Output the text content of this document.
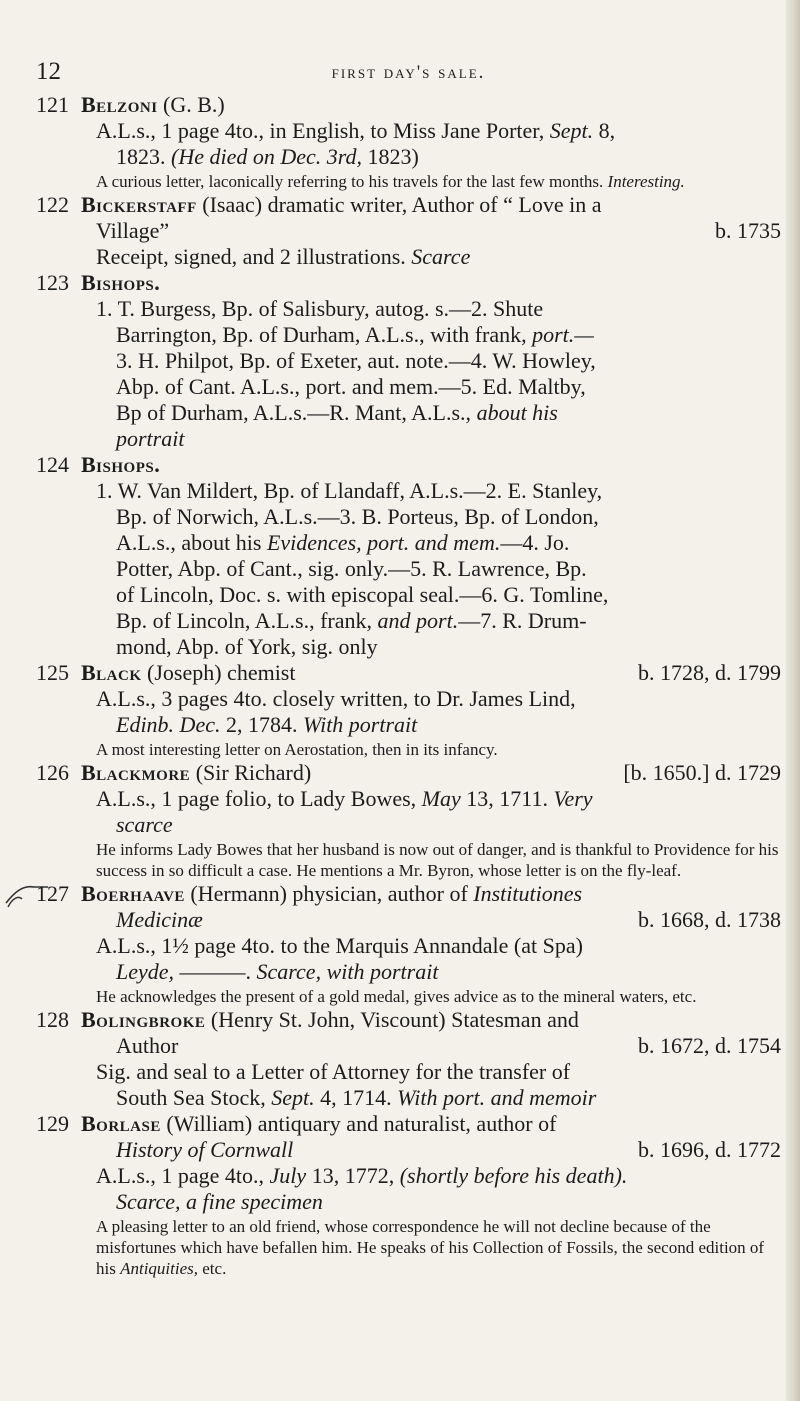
12	first day's sale.
121 Belzoni (G. B.)
A.L.s., 1 page 4to., in English, to Miss Jane Porter, Sept. 8,
1823. (He died on Dec. 3rd, 1823)
A curious letter, laconically referring to his travels for the last few months. Interesting.
122 Bickerstaff (Isaac) dramatic writer, Author of “ Love in a
Village”	b. 1735
Receipt, signed, and 2 illustrations. Scarce
123 Bishops.
1. T. Burgess, Bp. of Salisbury, autog. s.—2. Shute
Barrington, Bp. of Durham, A.L.s., with frank, port.—
3. H. Philpot, Bp. of Exeter, aut. note.—4. W. Howley,
Abp. of Cant. A.L.s., port. and mem.—5. Ed. Maltby,
Bp of Durham, A.L.s.—R. Mant, A.L.s., about his
portrait
124 Bishops.
1. W. Van Mildert, Bp. of Llandaff, A.L.s.—2. E. Stanley,
Bp. of Norwich, A.L.s.—3. B. Porteus, Bp. of London,
A.L.s., about his Evidences, port. and mem.—4. Jo.
Potter, Abp. of Cant., sig. only.—5. R. Lawrence, Bp.
of Lincoln, Doc. s. with episcopal seal.—6. G. Tomline,
Bp. of Lincoln, A.L.s., frank, and port.—7. R. Drum-
mond, Abp. of York, sig. only
125 Black (Joseph) chemist	b. 1728, d. 1799
A.L.s., 3 pages 4to. closely written, to Dr. James Lind,
Edinb. Dec. 2, 1784. With portrait
A most interesting letter on Aerostation, then in its infancy.
126 Blackmore (Sir Richard)	[b. 1650.] d. 1729
A.L.s., 1 page folio, to Lady Bowes, May 13, 1711. Very
scarce
He informs Lady Bowes that her husband is now out of danger, and is thankful to Providence for his success in so difficult a case. He mentions a Mr. Byron, whose letter is on the fly-leaf.
127 Boerhaave (Hermann) physician, author of Institutiones
Medicinæ	b. 1668, d. 1738
A.L.s., 1½ page 4to. to the Marquis Annandale (at Spa)
Leyde, ———. Scarce, with portrait
He acknowledges the present of a gold medal, gives advice as to the mineral waters, etc.
128 Bolingbroke (Henry St. John, Viscount) Statesman and
Author	b. 1672, d. 1754
Sig. and seal to a Letter of Attorney for the transfer of
South Sea Stock, Sept. 4, 1714. With port. and memoir
129 Borlase (William) antiquary and naturalist, author of
History of Cornwall	b. 1696, d. 1772
A.L.s., 1 page 4to., July 13, 1772, (shortly before his death).
Scarce, a fine specimen
A pleasing letter to an old friend, whose correspondence he will not decline because of the misfortunes which have befallen him. He speaks of his Collection of Fossils, the second edition of his Antiquities, etc.
